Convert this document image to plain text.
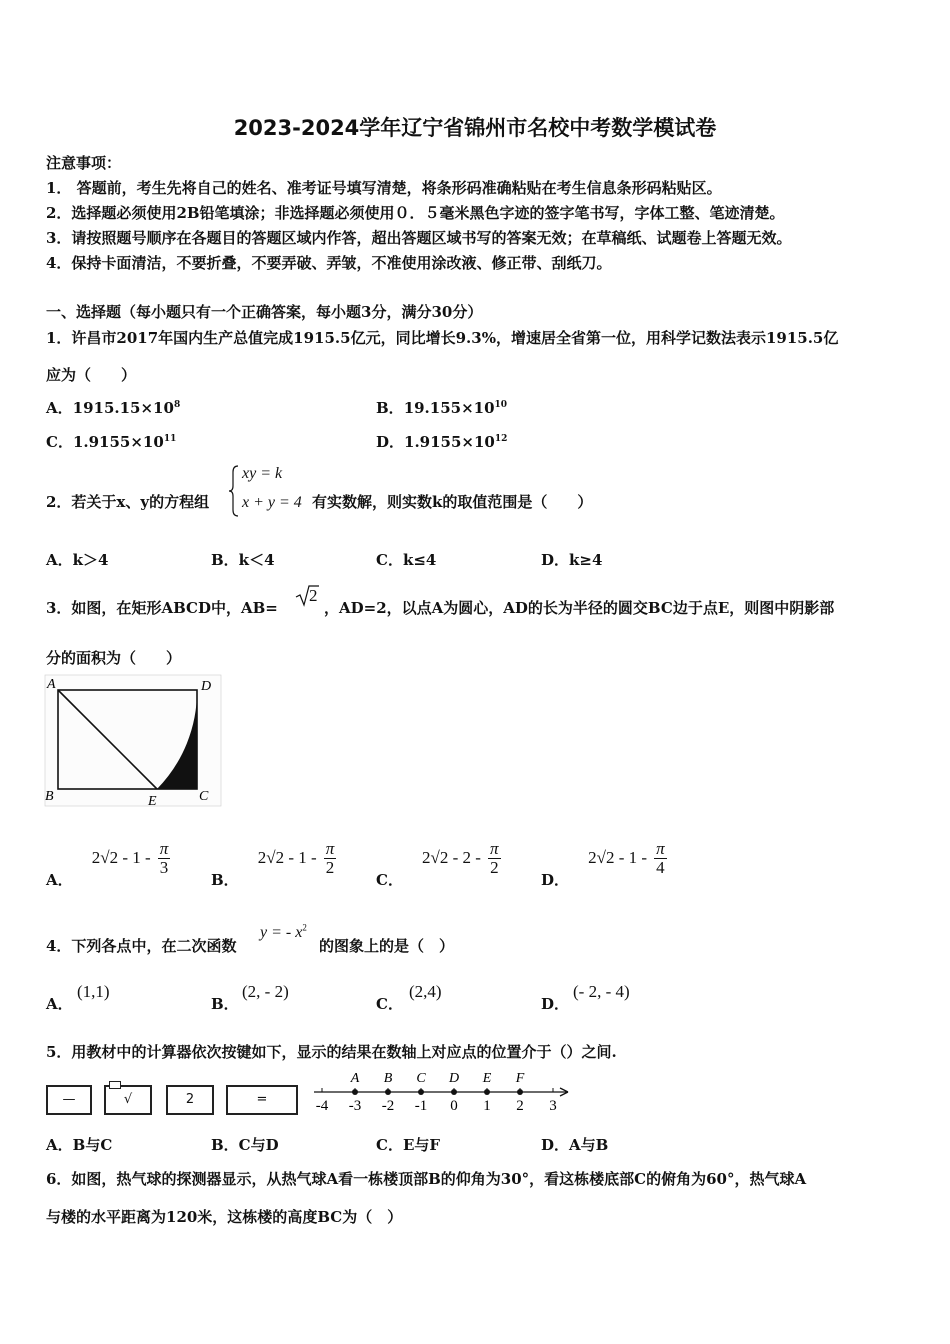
2023-2024学年辽宁省锦州市名校中考数学模试卷
注意事项：
1． 答题前，考生先将自己的姓名、准考证号填写清楚，将条形码准确粘贴在考生信息条形码粘贴区。
2．选择题必须使用2B铅笔填涂；非选择题必须使用０．５毫米黑色字迹的签字笔书写，字体工整、笔迹清楚。
3．请按照题号顺序在各题目的答题区域内作答，超出答题区域书写的答案无效；在草稿纸、试题卷上答题无效。
4．保持卡面清洁，不要折叠，不要弄破、弄皱，不准使用涂改液、修正带、刮纸刀。
一、选择题（每小题只有一个正确答案，每小题3分，满分30分）
1．许昌市2017年国内生产总值完成1915.5亿元，同比增长9.3%，增速居全省第一位，用科学记数法表示1915.5亿
应为（　　）
A．$1915.15\times 10^8$	B．$19.155\times 10^{10}$
C．$1.9155\times 10^{11}$	D．$1.9155\times 10^{12}$
2．若关于x、y的方程组
xy = k
x + y = 4 有实数解，则实数k的取值范围是（　　）
A．k＞4	B．k＜4	C．k≤4	D．k≥4
3．如图，在矩形ABCD中，AB=
2
，AD=2，以点A为圆心，AD的长为半径的圆交BC边于点E，则图中阴影部
分的面积为（　　）
A	D
B	E	C
A． $2√2 - 1 - \frac{\pi}{3}$
B． $2√2 - 1 - \frac{\pi}{2}$
C． $2√2 - 2 - \frac{\pi}{2}$
D． $2√2 - 1 - \frac{\pi}{4}$
4．下列各点中，在二次函数
y = - $x^2$
的图象上的是（　）
A．
(1,1)
B．
(2, - 2)
C．
(2,4)
D．
(- 2, - 4)
5．用教材中的计算器依次按键如下，显示的结果在数轴上对应点的位置介于（）之间.
—	√	2	=	-4 -3 -2 -1 0 1 2 3
A B C D E F
A．B与C	B．C与D	C．E与F	D．A与B
6．如图，热气球的探测器显示，从热气球A看一栋楼顶部B的仰角为30°，看这栋楼底部C的俯角为60°，热气球A
与楼的水平距离为120米，这栋楼的高度BC为（　）
